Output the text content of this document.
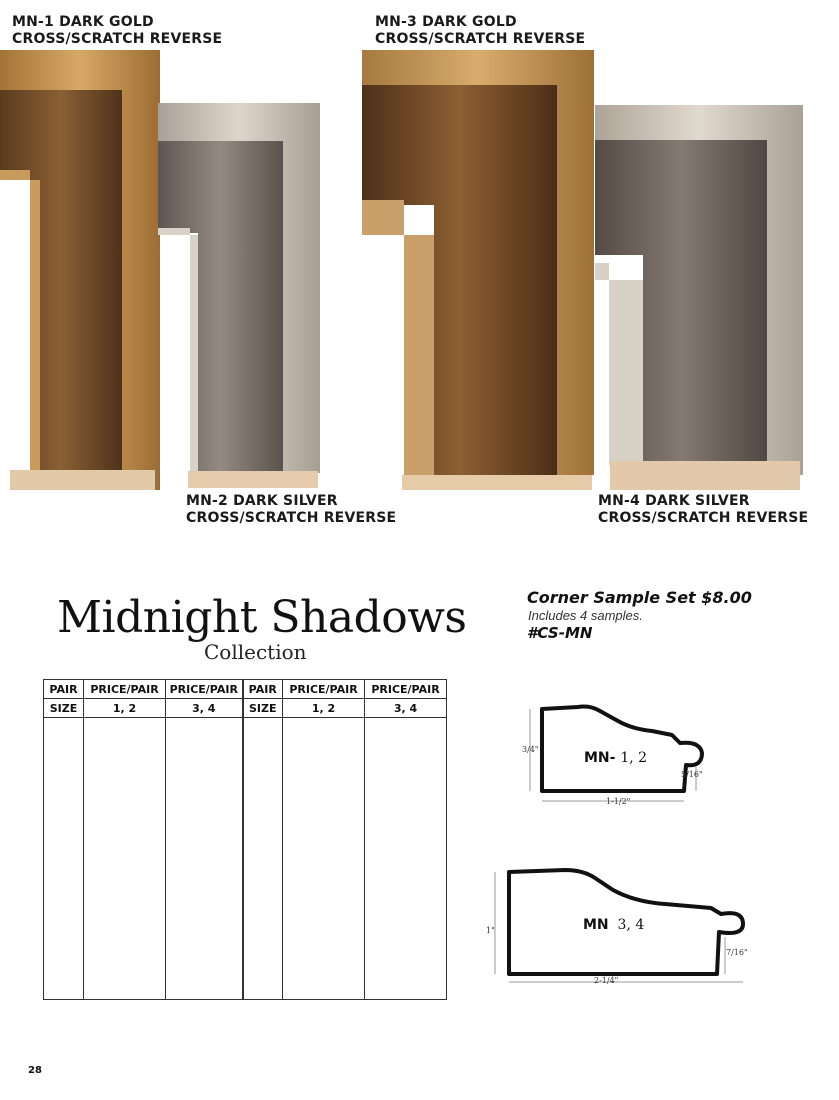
MN-1 DARK GOLD
CROSS/SCRATCH REVERSE
MN-3 DARK GOLD
CROSS/SCRATCH REVERSE
MN-2 DARK SILVER
CROSS/SCRATCH REVERSE
MN-4 DARK SILVER
CROSS/SCRATCH REVERSE
Midnight Shadows
Collection
Corner Sample Set $8.00
Includes 4 samples.
#CS-MN
PAIR	PRICE/PAIR	PRICE/PAIR	PAIR	PRICE/PAIR	PRICE/PAIR
SIZE	1, 2	3, 4	SIZE	1, 2	3, 4

MN- 1, 2
3/4"
5/16"
1-1/2"
MN 3, 4
1"
7/16"
2-1/4"
28
